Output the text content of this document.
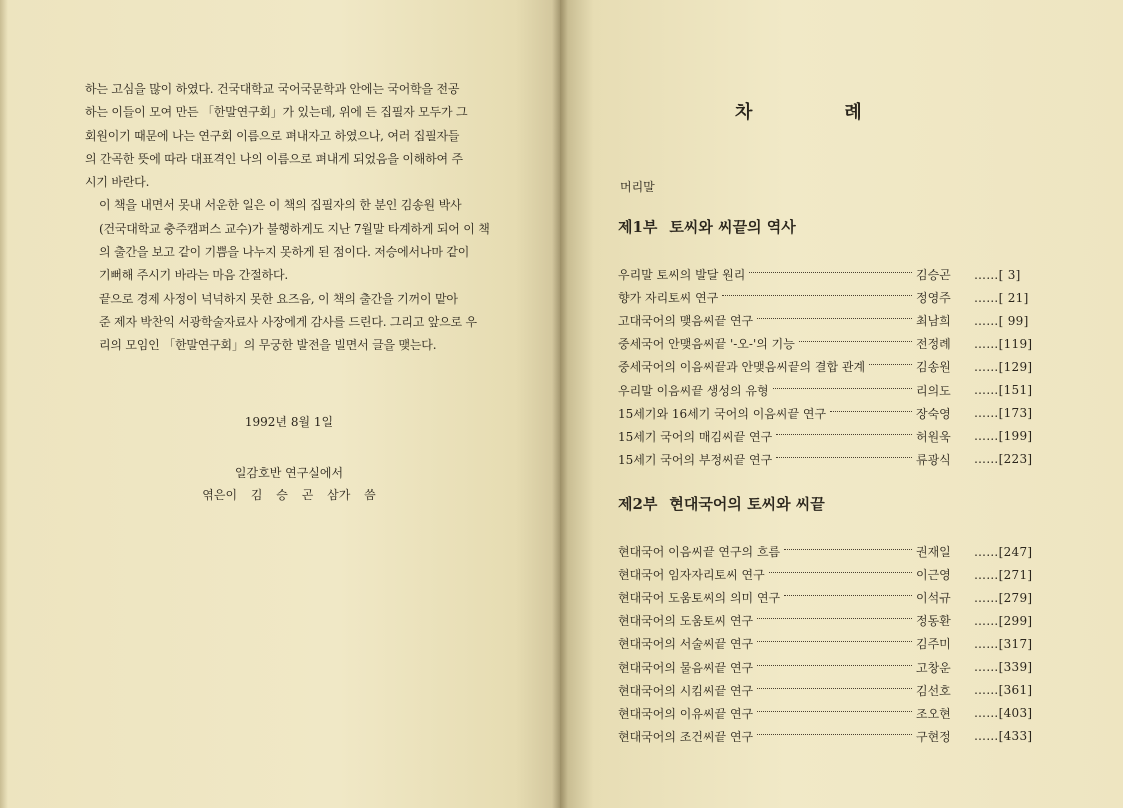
하는 고심을 많이 하였다. 건국대학교 국어국문학과 안에는 국어학을 전공
하는 이들이 모여 만든 「한말연구회」가 있는데, 위에 든 집필자 모두가 그
회원이기 때문에 나는 연구회 이름으로 펴내자고 하였으나, 여러 집필자들
의 간곡한 뜻에 따라 대표격인 나의 이름으로 펴내게 되었음을 이해하여 주
시기 바란다.

이 책을 내면서 못내 서운한 일은 이 책의 집필자의 한 분인 김송원 박사
(건국대학교 충주캠퍼스 교수)가 불행하게도 지난 7월말 타계하게 되어 이 책
의 출간을 보고 같이 기쁨을 나누지 못하게 된 점이다. 저승에서나마 같이
기뻐해 주시기 바라는 마음 간절하다.

끝으로 경제 사정이 넉넉하지 못한 요즈음, 이 책의 출간을 기꺼이 맡아
준 제자 박찬익 서광학술자료사 사장에게 감사를 드린다. 그리고 앞으로 우
리의 모임인 「한말연구회」의 무궁한 발전을 빌면서 글을 맺는다.

1992년 8월 1일
일감호반 연구실에서
엮은이 김 승 곤 삼가 씀
차	례
머리말
제1부 토씨와 씨끝의 역사
우리말 토씨의 발달 원리	김승곤	……[ 3]
향가 자리토씨 연구	정영주	……[ 21]
고대국어의 맺음씨끝 연구	최남희	……[ 99]
중세국어 안맺음씨끝 '-오-'의 기능	전정례	……[119]
중세국어의 이음씨끝과 안맺음씨끝의 결합 관계	김송원	……[129]
우리말 이음씨끝 생성의 유형	리의도	……[151]
15세기와 16세기 국어의 이음씨끝 연구	장숙영	……[173]
15세기 국어의 매김씨끝 연구	허원욱	……[199]
15세기 국어의 부정씨끝 연구	류광식	……[223]
제2부 현대국어의 토씨와 씨끝
현대국어 이음씨끝 연구의 흐름	권재일	……[247]
현대국어 임자자리토씨 연구	이근영	……[271]
현대국어 도움토씨의 의미 연구	이석규	……[279]
현대국어의 도움토씨 연구	정동환	……[299]
현대국어의 서술씨끝 연구	김주미	……[317]
현대국어의 물음씨끝 연구	고창운	……[339]
현대국어의 시킴씨끝 연구	김선호	……[361]
현대국어의 이유씨끝 연구	조오현	……[403]
현대국어의 조건씨끝 연구	구현정	……[433]
